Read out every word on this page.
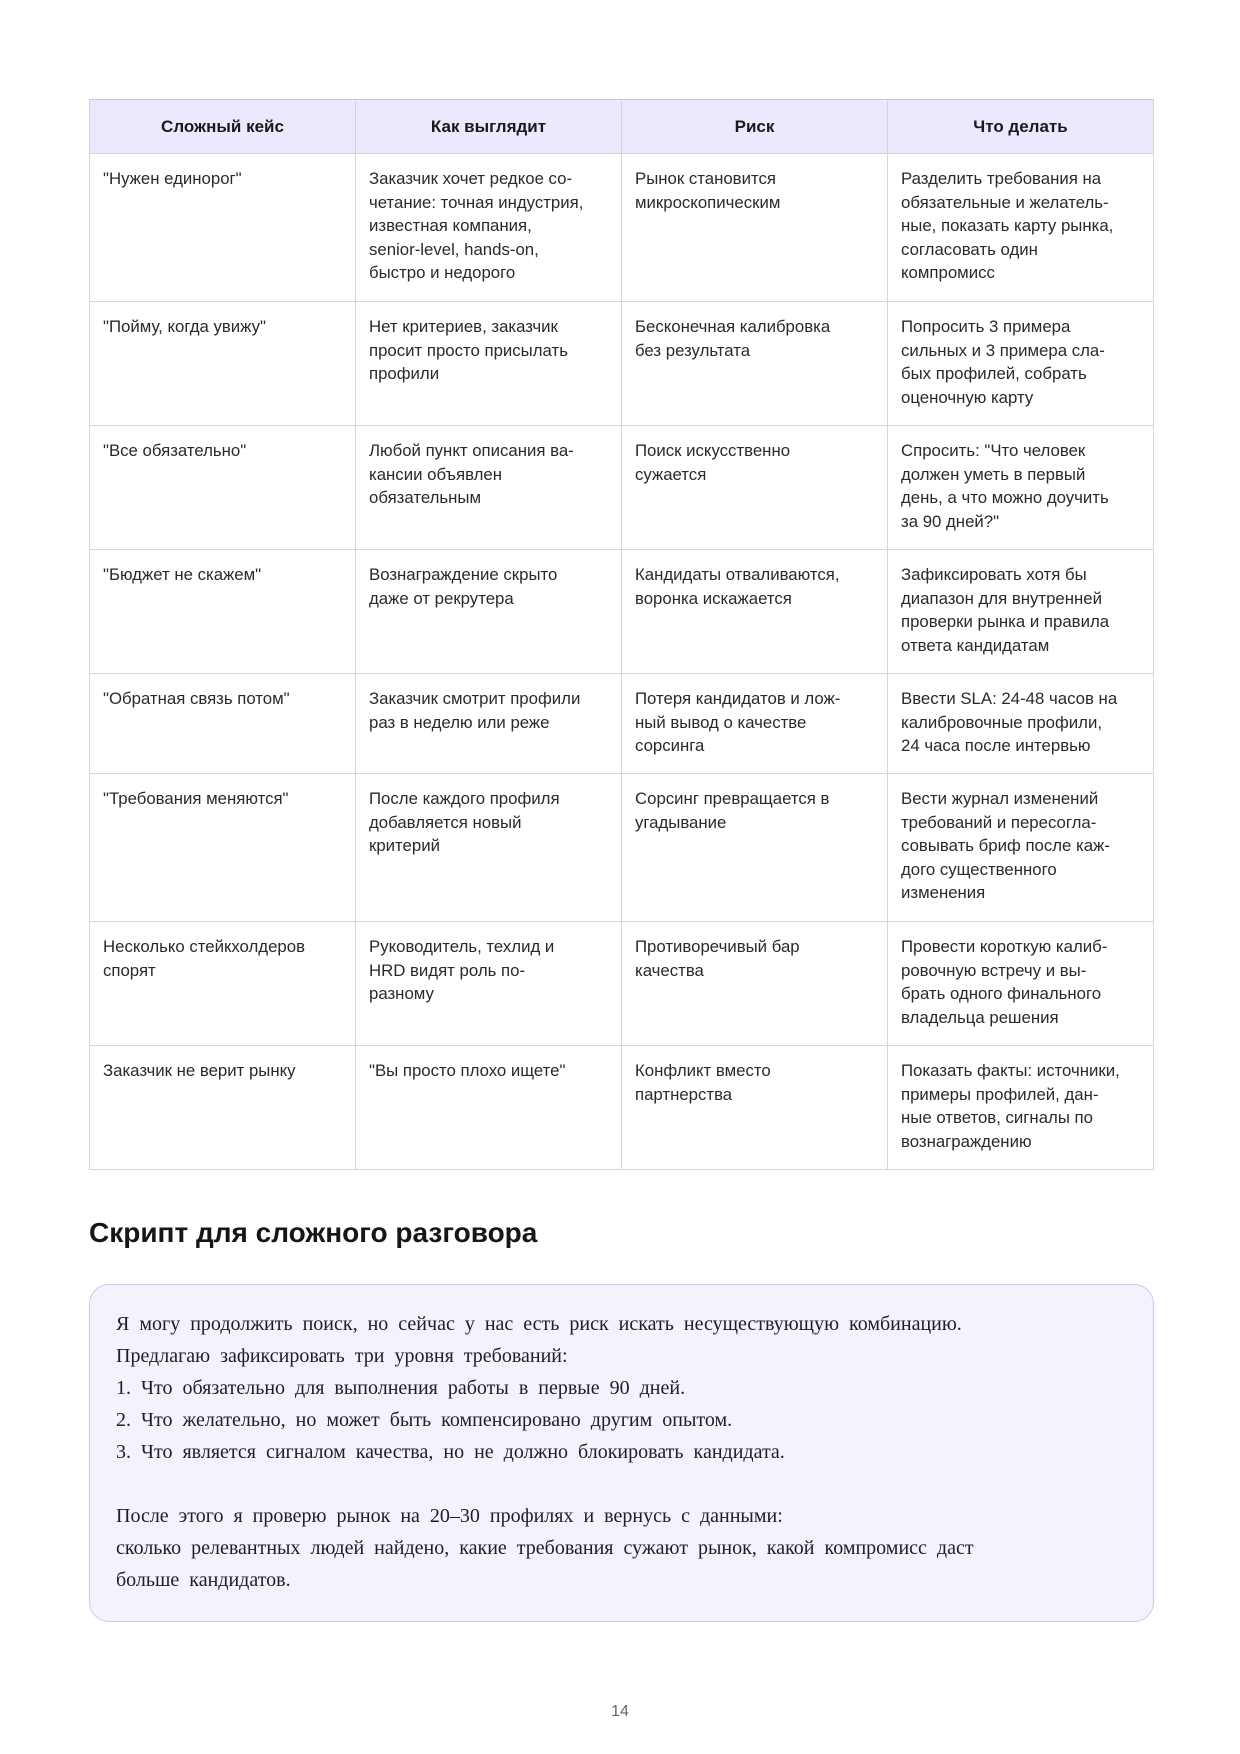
Сложный кейс	Как выглядит	Риск	Что делать
"Нужен единорог"	Заказчик хочет редкое со-
четание: точная индустрия,
известная компания,
senior-level, hands-on,
быстро и недорого	Рынок становится
микроскопическим	Разделить требования на
обязательные и желатель-
ные, показать карту рынка,
согласовать один
компромисс
"Пойму, когда увижу"	Нет критериев, заказчик
просит просто присылать
профили	Бесконечная калибровка
без результата	Попросить 3 примера
сильных и 3 примера сла-
бых профилей, собрать
оценочную карту
"Все обязательно"	Любой пункт описания ва-
кансии объявлен
обязательным	Поиск искусственно
сужается	Спросить: "Что человек
должен уметь в первый
день, а что можно доучить
за 90 дней?"
"Бюджет не скажем"	Вознаграждение скрыто
даже от рекрутера	Кандидаты отваливаются,
воронка искажается	Зафиксировать хотя бы
диапазон для внутренней
проверки рынка и правила
ответа кандидатам
"Обратная связь потом"	Заказчик смотрит профили
раз в неделю или реже	Потеря кандидатов и лож-
ный вывод о качестве
сорсинга	Ввести SLA: 24-48 часов на
калибровочные профили,
24 часа после интервью
"Требования меняются"	После каждого профиля
добавляется новый
критерий	Сорсинг превращается в
угадывание	Вести журнал изменений
требований и пересогла-
совывать бриф после каж-
дого существенного
изменения
Несколько стейкхолдеров
спорят	Руководитель, техлид и
HRD видят роль по-
разному	Противоречивый бар
качества	Провести короткую калиб-
ровочную встречу и вы-
брать одного финального
владельца решения
Заказчик не верит рынку	"Вы просто плохо ищете"	Конфликт вместо
партнерства	Показать факты: источники,
примеры профилей, дан-
ные ответов, сигналы по
вознаграждению
Скрипт для сложного разговора
Я могу продолжить поиск, но сейчас у нас есть риск искать несуществующую комбинацию.
Предлагаю зафиксировать три уровня требований:
1. Что обязательно для выполнения работы в первые 90 дней.
2. Что желательно, но может быть компенсировано другим опытом.
3. Что является сигналом качества, но не должно блокировать кандидата.
После этого я проверю рынок на 20–30 профилях и вернусь с данными:
сколько релевантных людей найдено, какие требования сужают рынок, какой компромисс даст
больше кандидатов.
14
